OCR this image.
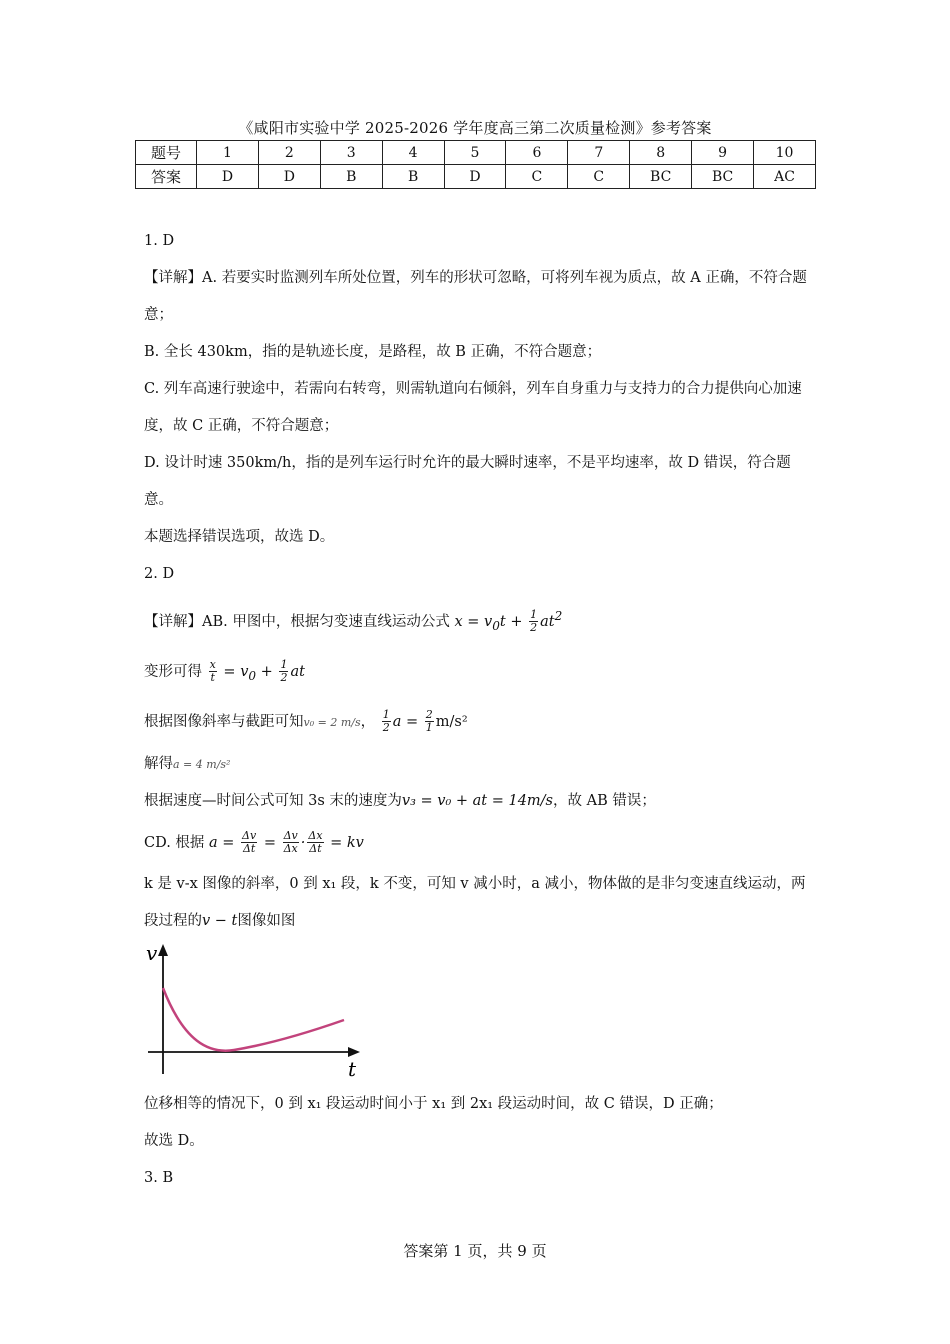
《咸阳市实验中学 2025-2026 学年度高三第二次质量检测》参考答案
题号	1	2	3	4	5	6	7	8	9	10
答案	D	D	B	B	D	C	C	BC	BC	AC
1. D
【详解】A. 若要实时监测列车所处位置，列车的形状可忽略，可将列车视为质点，故 A 正确，不符合题意；
B. 全长 430km，指的是轨迹长度，是路程，故 B 正确，不符合题意；
C. 列车高速行驶途中，若需向右转弯，则需轨道向右倾斜，列车自身重力与支持力的合力提供向心加速度，故 C 正确，不符合题意；
D. 设计时速 350km/h，指的是列车运行时允许的最大瞬时速率，不是平均速率，故 D 错误，符合题意。
本题选择错误选项，故选 D。
2. D
【详解】AB. 甲图中，根据匀变速直线运动公式 $x = v_0t + \frac{1}{2} at^2$
变形可得 $\frac{x}{t} = v_0 + \frac{1}{2}$ at
根据图像斜率与截距可知v₀ = 2 m/s， $\frac{1}{2}$ $a = \frac{2}{1} m/s^2$
解得a = 4 m/s²
根据速度—时间公式可知 3s 末的速度为v₃ = v₀ + at = 14m/s，故 AB 错误；
CD. 根据 $a = \frac{\Delta v}{\Delta t} = \frac{\Delta v}{\Delta x} \cdot \frac{\Delta x}{\Delta t}$ = kv
k 是 v-x 图像的斜率，0 到 x₁ 段，k 不变，可知 v 减小时，a 减小，物体做的是非匀变速直线运动，两段过程的v − t图像如图
v
t
位移相等的情况下，0 到 x₁ 段运动时间小于 x₁ 到 2x₁ 段运动时间，故 C 错误，D 正确；
故选 D。
3. B
答案第 1 页，共 9 页
